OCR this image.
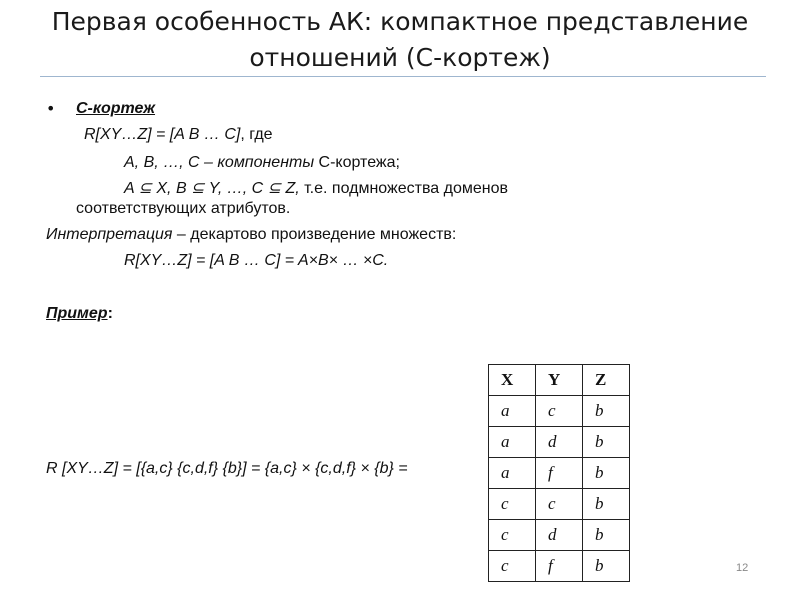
Первая особенность АК: компактное представление
отношений (С-кортеж)
• С-кортеж
R[XY…Z] = [A B … C], где
A, B, …, C – компоненты С-кортежа;
A ⊆ X, B ⊆ Y, …, C ⊆ Z, т.е. подмножества доменов
соответствующих атрибутов.
Интерпретация – декартово произведение множеств:
R[XY…Z] = [A B … C] = A×B× … ×C.
Пример:
R [XY…Z] = [{a,c} {c,d,f} {b}] = {a,c} × {c,d,f} × {b} =
X	Y	Z
a	c	b
a	d	b
a	f	b
c	c	b
c	d	b
c	f	b	12
